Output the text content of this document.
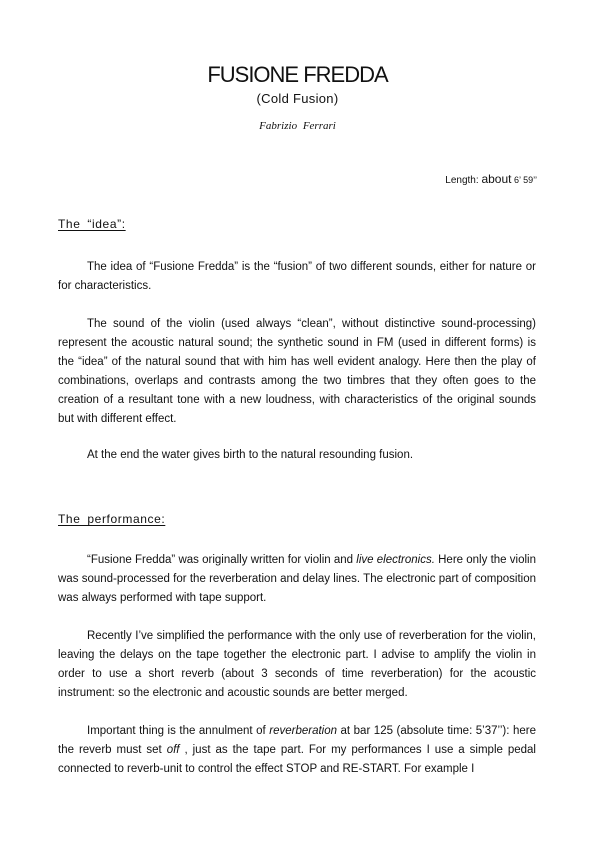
FUSIONE FREDDA
(Cold Fusion)
Fabrizio Ferrari
Length: about 6’ 59’’
The “idea”:

The idea of “Fusione Fredda” is the “fusion” of two different sounds, either for nature or for characteristics.

The sound of the violin (used always “clean”, without distinctive sound-processing) represent the acoustic natural sound; the synthetic sound in FM (used in different forms) is the “idea” of the natural sound that with him has well evident analogy. Here then the play of combinations, overlaps and contrasts among the two timbres that they often goes to the creation of a resultant tone with a new loudness, with characteristics of the original sounds but with different effect.

At the end the water gives birth to the natural resounding fusion.

The performance:

“Fusione Fredda” was originally written for violin and live electronics. Here only the violin was sound-processed for the reverberation and delay lines. The electronic part of composition was always performed with tape support.

Recently I’ve simplified the performance with the only use of reverberation for the violin, leaving the delays on the tape together the electronic part. I advise to amplify the violin in order to use a short reverb (about 3 seconds of time reverberation) for the acoustic instrument: so the electronic and acoustic sounds are better merged.

Important thing is the annulment of reverberation at bar 125 (absolute time: 5’37’’): here the reverb must set off , just as the tape part. For my performances I use a simple pedal connected to reverb-unit to control the effect STOP and RE-START. For example I
